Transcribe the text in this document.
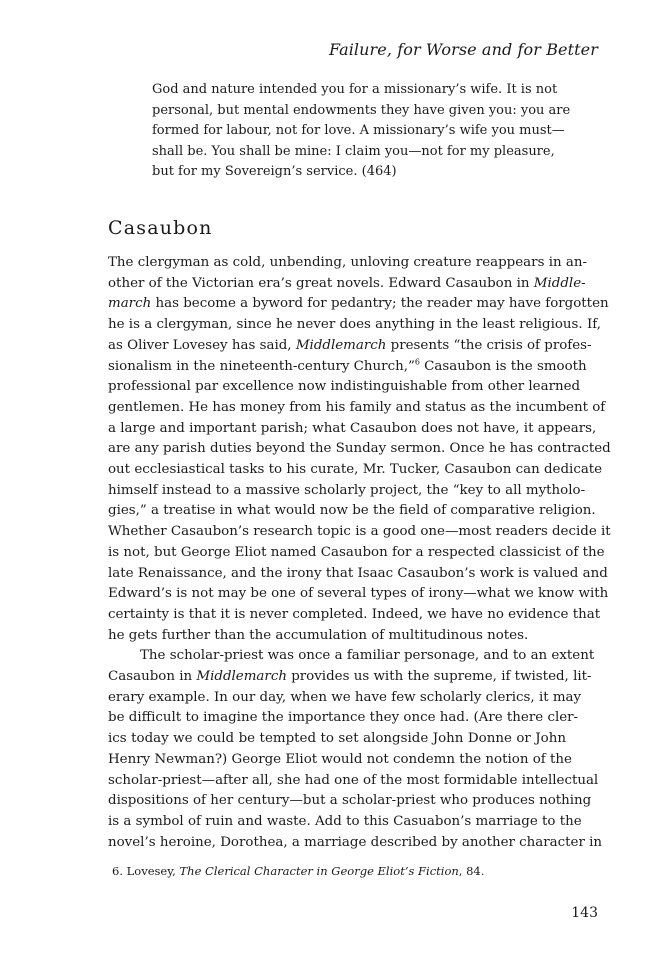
Failure, for Worse and for Better
God and nature intended you for a missionary’s wife. It is not
personal, but mental endowments they have given you: you are
formed for labour, not for love. A missionary’s wife you must—
shall be. You shall be mine: I claim you—not for my pleasure,
but for my Sovereign’s service. (464)
Casaubon
The clergyman as cold, unbending, unloving creature reappears in an-
other of the Victorian era’s great novels. Edward Casaubon in Middle-
march has become a byword for pedantry; the reader may have forgotten
he is a clergyman, since he never does anything in the least religious. If,
as Oliver Lovesey has said, Middlemarch presents “the crisis of profes-
sionalism in the nineteenth-century Church,”$^6$ Casaubon is the smooth
professional par excellence now indistinguishable from other learned
gentlemen. He has money from his family and status as the incumbent of
a large and important parish; what Casaubon does not have, it appears,
are any parish duties beyond the Sunday sermon. Once he has contracted
out ecclesiastical tasks to his curate, Mr. Tucker, Casaubon can dedicate
himself instead to a massive scholarly project, the “key to all mytholo-
gies,” a treatise in what would now be the field of comparative religion.
Whether Casaubon’s research topic is a good one—most readers decide it
is not, but George Eliot named Casaubon for a respected classicist of the
late Renaissance, and the irony that Isaac Casaubon’s work is valued and
Edward’s is not may be one of several types of irony—what we know with
certainty is that it is never completed. Indeed, we have no evidence that
he gets further than the accumulation of multitudinous notes.
The scholar-priest was once a familiar personage, and to an extent
Casaubon in Middlemarch provides us with the supreme, if twisted, lit-
erary example. In our day, when we have few scholarly clerics, it may
be difficult to imagine the importance they once had. (Are there cler-
ics today we could be tempted to set alongside John Donne or John
Henry Newman?) George Eliot would not condemn the notion of the
scholar-priest—after all, she had one of the most formidable intellectual
dispositions of her century—but a scholar-priest who produces nothing
is a symbol of ruin and waste. Add to this Casuabon’s marriage to the
novel’s heroine, Dorothea, a marriage described by another character in
6. Lovesey, The Clerical Character in George Eliot’s Fiction, 84.
143
